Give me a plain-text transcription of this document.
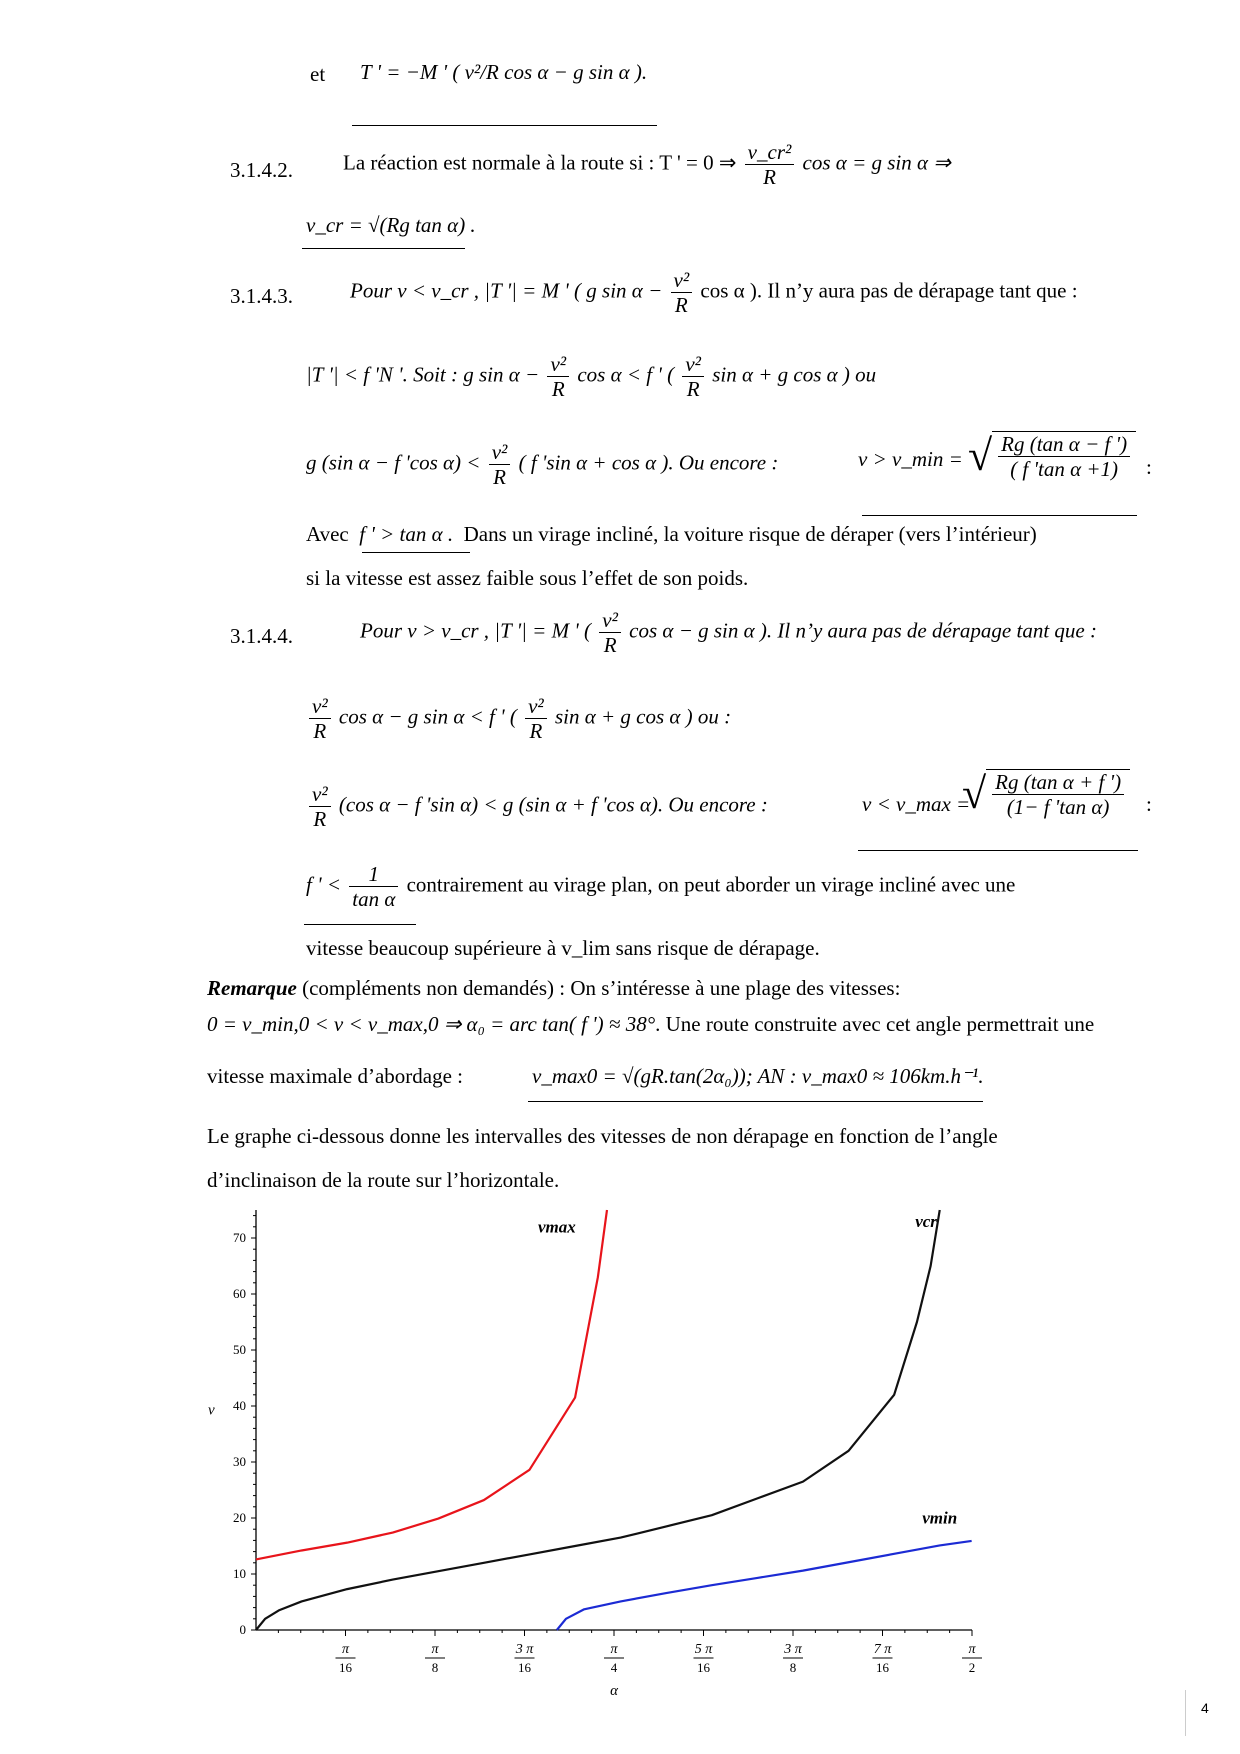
et T ' = −M ' ( v²/R cos α − g sin α ).
3.1.4.2. La réaction est normale à la route si : T ' = 0 ⇒ $\frac{\text{v\_cr²}}{R}$ cos α = g sin α ⇒
v_cr = √(Rg tan α) .
3.1.4.3.	Pour v < v_cr , |T '| = M ' ( g $\sin \alpha - \frac{\text{v²}}{R}$ cos α ). Il n’y aura pas de dérapage tant que :
|T '| < f 'N '. Soit : g $\sin \alpha - \frac{\text{v²}}{R}$ cos α < f ' ( $\frac{\text{v²}}{R}$ sin α + g cos α ) ou
g (sin α − f 'cos $\alpha) < \frac{\text{v²}}{R}$ ( f 'sin α + cos α ). Ou encore :	v > v_min = √ $\frac{\text{Rg (tan α − f ')}}{\text{( f 'tan α +1)}}$ :
Avec f ' > tan α . Dans un virage incliné, la voiture risque de déraper (vers l’intérieur)
si la vitesse est assez faible sous l’effet de son poids.
3.1.4.4.	Pour v > v_cr , |T '| = M ' ( $\frac{\text{v²}}{R}$ cos α − g sin α ). Il n’y aura pas de dérapage tant que :
$\frac{\text{v²}}{R}$ cos α − g sin α < f ' ( $\frac{\text{v²}}{R}$ sin α + g cos α ) ou :
$\frac{\text{v²}}{R} (\cos$ α − f 'sin α) < g (sin α + f 'cos α). Ou encore :	v < v_max =
√ $\frac{\text{Rg (tan α + f ')}}{\text{(1− f 'tan α)}}$ :
f ' < $\frac{1}{\text{tan α}}$ contrairement au virage plan, on peut aborder un virage incliné avec une
vitesse beaucoup supérieure à v_lim sans risque de dérapage.
Remarque (compléments non demandés) : On s’intéresse à une plage des vitesses:
0 = v_min,0 < v < v_max,0 ⇒ α₀ = arc tan( f ') ≈ 38°. Une route construite avec cet angle permettrait une
vitesse maximale d’abordage :	v_max0 = √(gR.tan(2α₀)); AN : v_max0 ≈ 106km.h⁻¹.
Le graphe ci-dessous donne les intervalles des vitesses de non dérapage en fonction de l’angle
d’inclinaison de la route sur l’horizontale.
0
10
20
30
40
50
60
70
π
16
π
8
3 π
16
π
4
5 π
16
3 π
8
7 π
16
π
2
v
α
vmax	vcr
vmin
4
